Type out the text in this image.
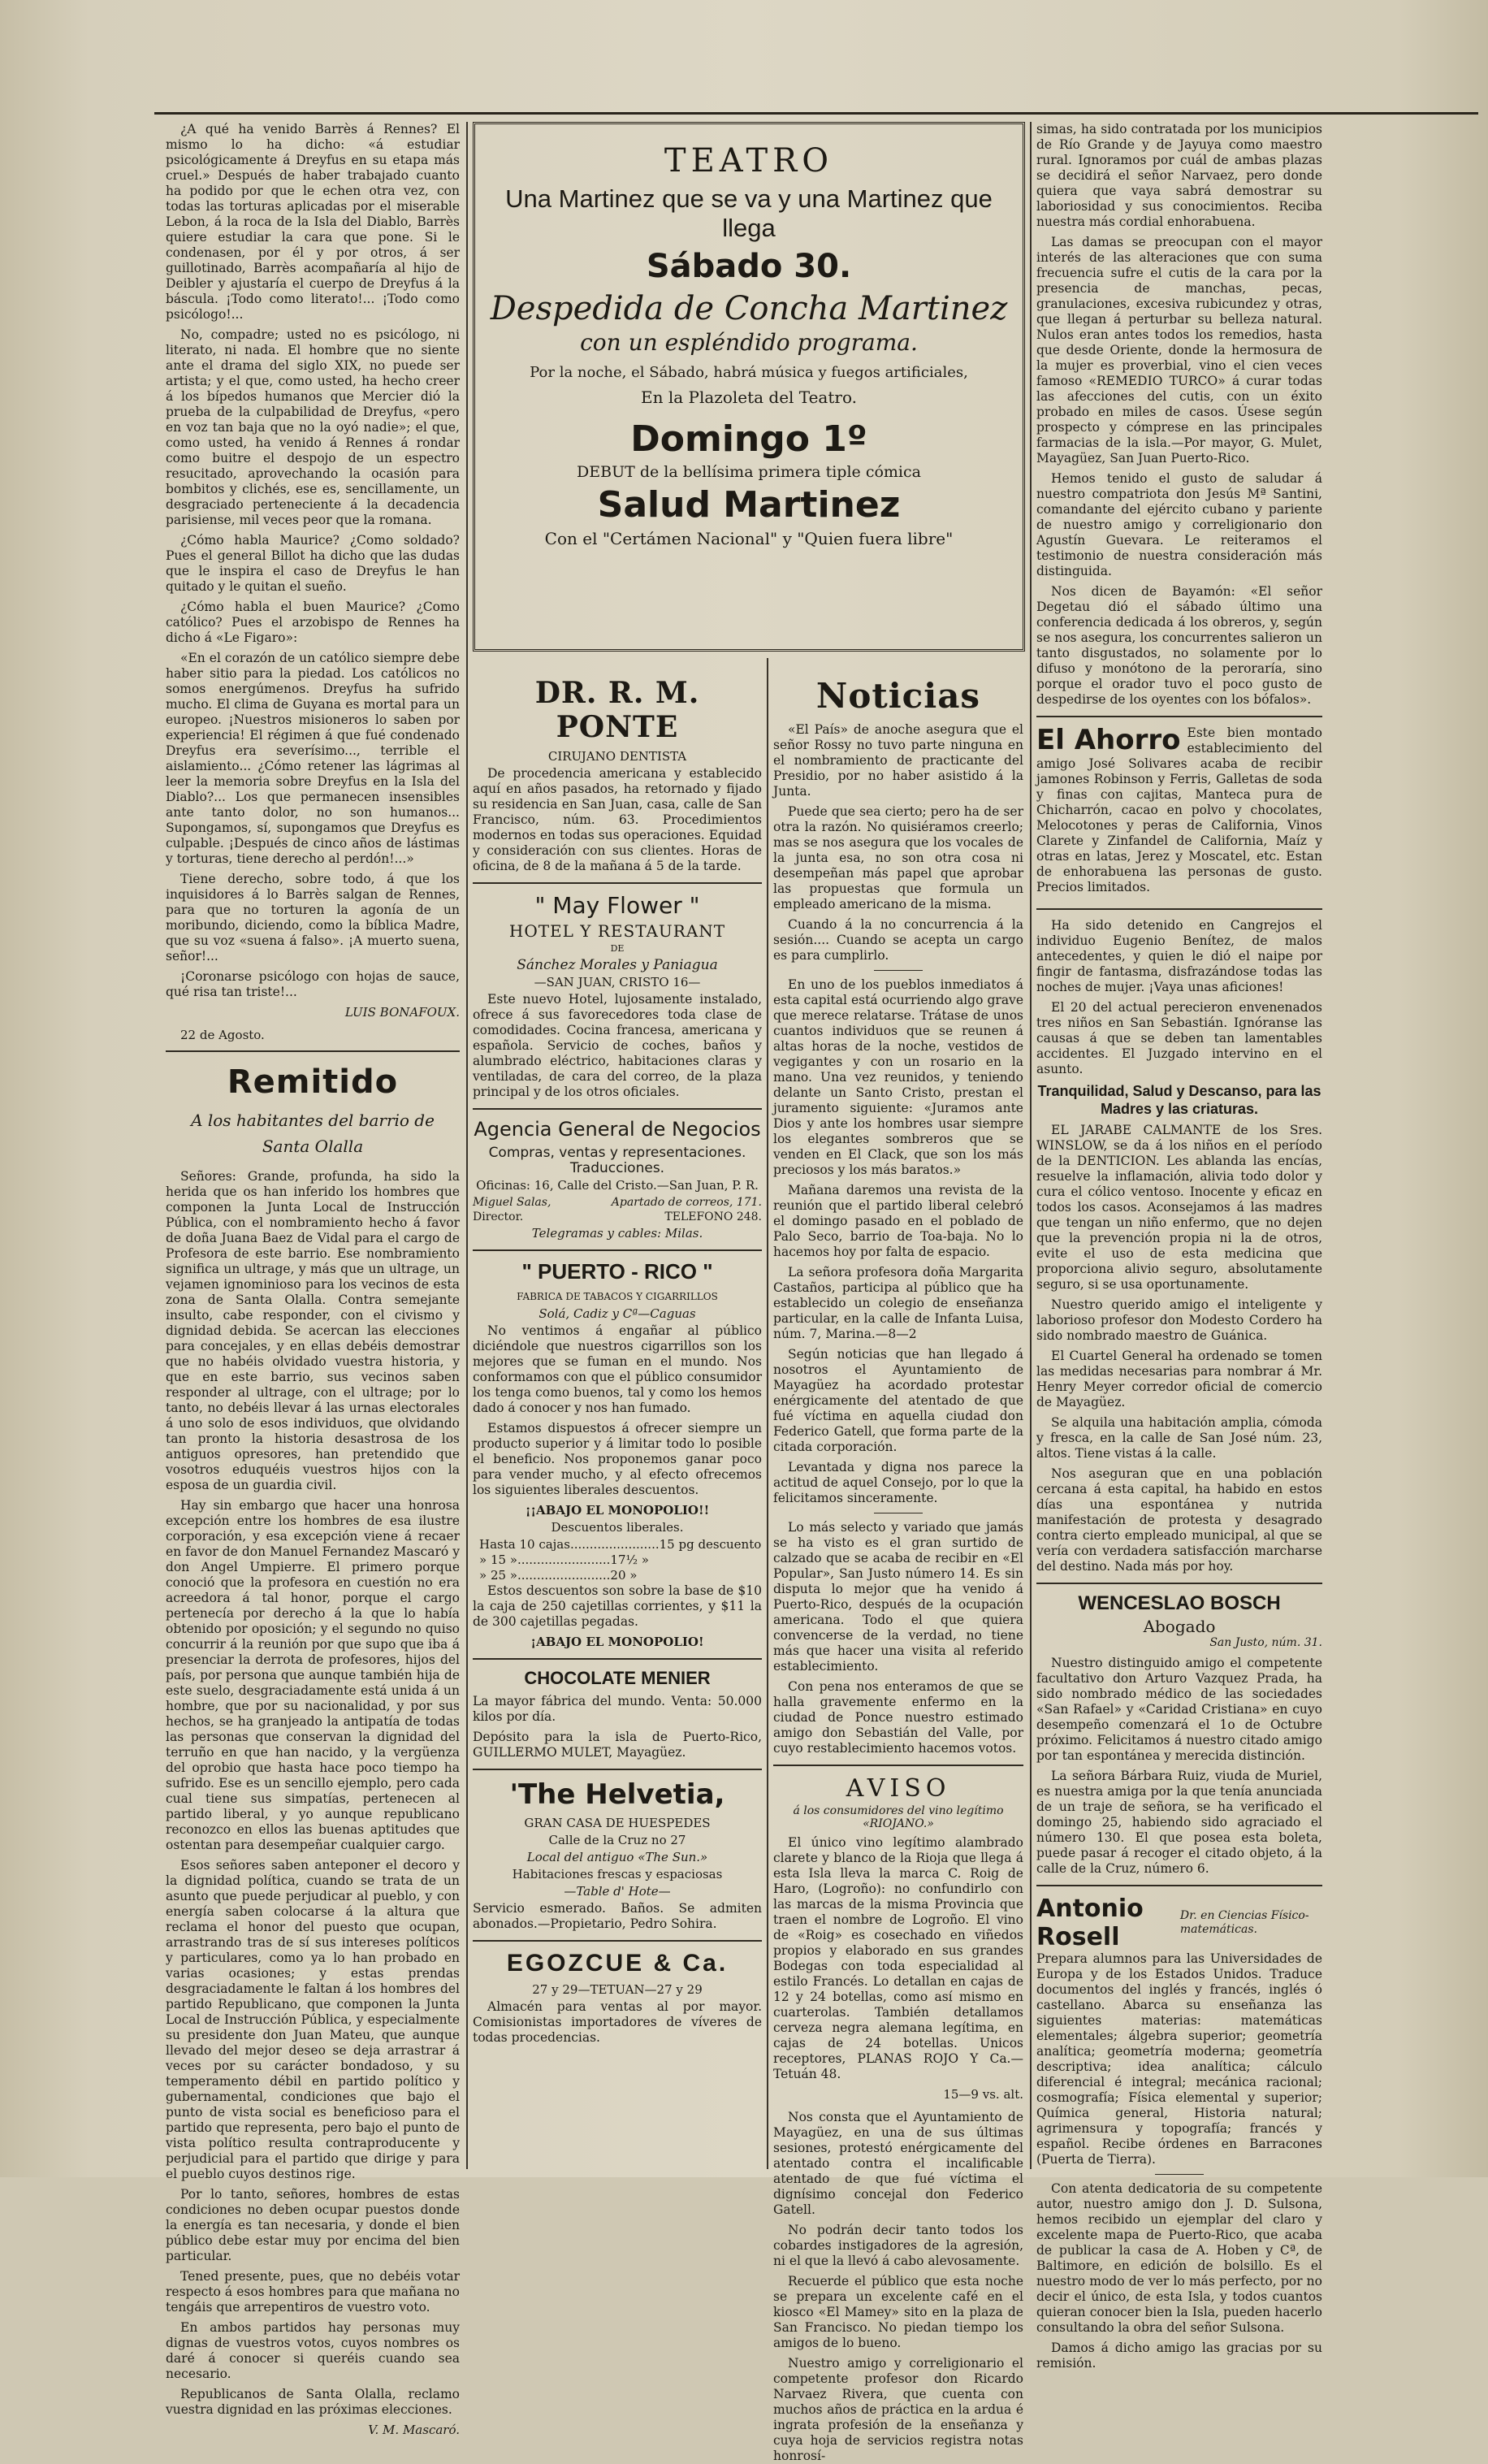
¿A qué ha venido Barrès á Rennes? El mismo lo ha dicho: «á estudiar psicológicamente á Dreyfus en su etapa más cruel.» Después de haber trabajado cuanto ha podido por que le echen otra vez, con todas las torturas aplicadas por el miserable Lebon, á la roca de la Isla del Diablo, Barrès quiere estudiar la cara que pone. Si le condenasen, por él y por otros, á ser guillotinado, Barrès acompañaría al hijo de Deibler y ajustaría el cuerpo de Dreyfus á la báscula. ¡Todo como literato!... ¡Todo como psicólogo!...

No, compadre; usted no es psicólogo, ni literato, ni nada. El hombre que no siente ante el drama del siglo XIX, no puede ser artista; y el que, como usted, ha hecho creer á los bípedos humanos que Mercier dió la prueba de la culpabilidad de Dreyfus, «pero en voz tan baja que no la oyó nadie»; el que, como usted, ha venido á Rennes á rondar como buitre el despojo de un espectro resucitado, aprovechando la ocasión para bombitos y clichés, ese es, sencillamente, un desgraciado perteneciente á la decadencia parisiense, mil veces peor que la romana.

¿Cómo habla Maurice? ¿Como soldado? Pues el general Billot ha dicho que las dudas que le inspira el caso de Dreyfus le han quitado y le quitan el sueño.

¿Cómo habla el buen Maurice? ¿Como católico? Pues el arzobispo de Rennes ha dicho á «Le Figaro»:

«En el corazón de un católico siempre debe haber sitio para la piedad. Los católicos no somos energúmenos. Dreyfus ha sufrido mucho. El clima de Guyana es mortal para un europeo. ¡Nuestros misioneros lo saben por experiencia! El régimen á que fué condenado Dreyfus era severísimo..., terrible el aislamiento... ¿Cómo retener las lágrimas al leer la memoria sobre Dreyfus en la Isla del Diablo?... Los que permanecen insensibles ante tanto dolor, no son humanos... Supongamos, sí, supongamos que Dreyfus es culpable. ¡Después de cinco años de lástimas y torturas, tiene derecho al perdón!...»

Tiene derecho, sobre todo, á que los inquisidores á lo Barrès salgan de Rennes, para que no torturen la agonía de un moribundo, diciendo, como la bíblica Madre, que su voz «suena á falso». ¡A muerto suena, señor!...

¡Coronarse psicólogo con hojas de sauce, qué risa tan triste!...

LUIS BONAFOUX.
22 de Agosto.
Remitido
A los habitantes del barrio de Santa Olalla

Señores: Grande, profunda, ha sido la herida que os han inferido los hombres que componen la Junta Local de Instrucción Pública, con el nombramiento hecho á favor de doña Juana Baez de Vidal para el cargo de Profesora de este barrio. Ese nombramiento significa un ultrage, y más que un ultrage, un vejamen ignominioso para los vecinos de esta zona de Santa Olalla. Contra semejante insulto, cabe responder, con el civismo y dignidad debida. Se acercan las elecciones para concejales, y en ellas debéis demostrar que no habéis olvidado vuestra historia, y que en este barrio, sus vecinos saben responder al ultrage, con el ultrage; por lo tanto, no debéis llevar á las urnas electorales á uno solo de esos individuos, que olvidando tan pronto la historia desastrosa de los antiguos opresores, han pretendido que vosotros eduquéis vuestros hijos con la esposa de un guardia civil.

Hay sin embargo que hacer una honrosa excepción entre los hombres de esa ilustre corporación, y esa excepción viene á recaer en favor de don Manuel Fernandez Mascaró y don Angel Umpierre. El primero porque conoció que la profesora en cuestión no era acreedora á tal honor, porque el cargo pertenecía por derecho á la que lo había obtenido por oposición; y el segundo no quiso concurrir á la reunión por que supo que iba á presenciar la derrota de profesores, hijos del país, por persona que aunque también hija de este suelo, desgraciadamente está unida á un hombre, que por su nacionalidad, y por sus hechos, se ha granjeado la antipatía de todas las personas que conservan la dignidad del terruño en que han nacido, y la vergüenza del oprobio que hasta hace poco tiempo ha sufrido. Ese es un sencillo ejemplo, pero cada cual tiene sus simpatías, pertenecen al partido liberal, y yo aunque republicano reconozco en ellos las buenas aptitudes que ostentan para desempeñar cualquier cargo.

Esos señores saben anteponer el decoro y la dignidad política, cuando se trata de un asunto que puede perjudicar al pueblo, y con energía saben colocarse á la altura que reclama el honor del puesto que ocupan, arrastrando tras de sí sus intereses políticos y particulares, como ya lo han probado en varias ocasiones; y estas prendas desgraciadamente le faltan á los hombres del partido Republicano, que componen la Junta Local de Instrucción Pública, y especialmente su presidente don Juan Mateu, que aunque llevado del mejor deseo se deja arrastrar á veces por su carácter bondadoso, y su temperamento débil en partido político y gubernamental, condiciones que bajo el punto de vista social es beneficioso para el partido que representa, pero bajo el punto de vista político resulta contraproducente y perjudicial para el partido que dirige y para el pueblo cuyos destinos rige.

Por lo tanto, señores, hombres de estas condiciones no deben ocupar puestos donde la energía es tan necesaria, y donde el bien público debe estar muy por encima del bien particular.

Tened presente, pues, que no debéis votar respecto á esos hombres para que mañana no tengáis que arrepentiros de vuestro voto.

En ambos partidos hay personas muy dignas de vuestros votos, cuyos nombres os daré á conocer si queréis cuando sea necesario.

Republicanos de Santa Olalla, reclamo vuestra dignidad en las próximas elecciones.

V. M. Mascaró.
TEATRO
Una Martinez que se va y una Martinez que llega
Sábado 30.
Despedida de Concha Martinez
con un espléndido programa.
Por la noche, el Sábado, habrá música y fuegos artificiales,
En la Plazoleta del Teatro.
Domingo 1º
DEBUT de la bellísima primera tiple cómica
Salud Martinez
Con el "Certámen Nacional" y "Quien fuera libre"
DR. R. M. PONTE
CIRUJANO DENTISTA

De procedencia americana y establecido aquí en años pasados, ha retornado y fijado su residencia en San Juan, casa, calle de San Francisco, núm. 63. Procedimientos modernos en todas sus operaciones. Equidad y consideración con sus clientes. Horas de oficina, de 8 de la mañana á 5 de la tarde.

" May Flower "
HOTEL Y RESTAURANT
DE
Sánchez Morales y Paniagua
—SAN JUAN, CRISTO 16—

Este nuevo Hotel, lujosamente instalado, ofrece á sus favorecedores toda clase de comodidades. Cocina francesa, americana y española. Servicio de coches, baños y alumbrado eléctrico, habitaciones claras y ventiladas, de cara del correo, de la plaza principal y de los otros oficiales.

Agencia General de Negocios
Compras, ventas y representaciones. Traducciones.
Oficinas: 16, Calle del Cristo.—San Juan, P. R.
Miguel Salas,	Apartado de correos, 171.
Director.	TELEFONO 248.
Telegramas y cables: Milas.
" PUERTO - RICO "
FABRICA DE TABACOS Y CIGARRILLOS
Solá, Cadiz y Cª—Caguas

No ventimos á engañar al público diciéndole que nuestros cigarrillos son los mejores que se fuman en el mundo. Nos conformamos con que el público consumidor los tenga como buenos, tal y como los hemos dado á conocer y nos han fumado.

Estamos dispuestos á ofrecer siempre un producto superior y á limitar todo lo posible el beneficio. Nos proponemos ganar poco para vender mucho, y al efecto ofrecemos los siguientes liberales descuentos.

¡¡ABAJO EL MONOPOLIO!!
Descuentos liberales.
Hasta 10 cajas.......................15 pg descuento
» 15 »........................17½ »
» 25 »........................20 »

Estos descuentos son sobre la base de $10 la caja de 250 cajetillas corrientes, y $11 la de 300 cajetillas pegadas.

¡ABAJO EL MONOPOLIO!
CHOCOLATE MENIER

La mayor fábrica del mundo. Venta: 50.000 kilos por día.

Depósito para la isla de Puerto-Rico, GUILLERMO MULET, Mayagüez.

'The Helvetia,
GRAN CASA DE HUESPEDES
Calle de la Cruz no 27
Local del antiguo «The Sun.»
Habitaciones frescas y espaciosas
—Table d' Hote—

Servicio esmerado. Baños. Se admiten abonados.—Propietario, Pedro Sohira.

EGOZCUE & Ca.
27 y 29—TETUAN—27 y 29

Almacén para ventas al por mayor. Comisionistas importadores de víveres de todas procedencias.

Noticias

«El País» de anoche asegura que el señor Rossy no tuvo parte ninguna en el nombramiento de practicante del Presidio, por no haber asistido á la Junta.

Puede que sea cierto; pero ha de ser otra la razón. No quisiéramos creerlo; mas se nos asegura que los vocales de la junta esa, no son otra cosa ni desempeñan más papel que aprobar las propuestas que formula un empleado americano de la misma.

Cuando á la no concurrencia á la sesión.... Cuando se acepta un cargo es para cumplirlo.

En uno de los pueblos inmediatos á esta capital está ocurriendo algo grave que merece relatarse. Trátase de unos cuantos individuos que se reunen á altas horas de la noche, vestidos de vegigantes y con un rosario en la mano. Una vez reunidos, y teniendo delante un Santo Cristo, prestan el juramento siguiente: «Juramos ante Dios y ante los hombres usar siempre los elegantes sombreros que se venden en El Clack, que son los más preciosos y los más baratos.»

Mañana daremos una revista de la reunión que el partido liberal celebró el domingo pasado en el poblado de Palo Seco, barrio de Toa-baja. No lo hacemos hoy por falta de espacio.

La señora profesora doña Margarita Castaños, participa al público que ha establecido un colegio de enseñanza particular, en la calle de Infanta Luisa, núm. 7, Marina.—8—2

Según noticias que han llegado á nosotros el Ayuntamiento de Mayagüez ha acordado protestar enérgicamente del atentado de que fué víctima en aquella ciudad don Federico Gatell, que forma parte de la citada corporación.

Levantada y digna nos parece la actitud de aquel Consejo, por lo que la felicitamos sinceramente.

Lo más selecto y variado que jamás se ha visto es el gran surtido de calzado que se acaba de recibir en «El Popular», San Justo número 14. Es sin disputa lo mejor que ha venido á Puerto-Rico, después de la ocupación americana. Todo el que quiera convencerse de la verdad, no tiene más que hacer una visita al referido establecimiento.

Con pena nos enteramos de que se halla gravemente enfermo en la ciudad de Ponce nuestro estimado amigo don Sebastián del Valle, por cuyo restablecimiento hacemos votos.

AVISO
á los consumidores del vino legítimo «RIOJANO.»

El único vino legítimo alambrado clarete y blanco de la Rioja que llega á esta Isla lleva la marca C. Roig de Haro, (Logroño): no confundirlo con las marcas de la misma Provincia que traen el nombre de Logroño. El vino de «Roig» es cosechado en viñedos propios y elaborado en sus grandes Bodegas con toda especialidad al estilo Francés. Lo detallan en cajas de 12 y 24 botellas, como así mismo en cuarterolas. También detallamos cerveza negra alemana legítima, en cajas de 24 botellas. Unicos receptores, PLANAS ROJO Y Ca.—Tetuán 48.

15—9 vs. alt.

Nos consta que el Ayuntamiento de Mayagüez, en una de sus últimas sesiones, protestó enérgicamente del atentado contra el incalificable atentado de que fué víctima el dignísimo concejal don Federico Gatell.

No podrán decir tanto todos los cobardes instigadores de la agresión, ni el que la llevó á cabo alevosamente.

Recuerde el público que esta noche se prepara un excelente café en el kiosco «El Mamey» sito en la plaza de San Francisco. No piedan tiempo los amigos de lo bueno.

Nuestro amigo y correligionario el competente profesor don Ricardo Narvaez Rivera, que cuenta con muchos años de práctica en la ardua é ingrata profesión de la enseñanza y cuya hoja de servicios registra notas honrosí-

simas, ha sido contratada por los municipios de Río Grande y de Jayuya como maestro rural. Ignoramos por cuál de ambas plazas se decidirá el señor Narvaez, pero donde quiera que vaya sabrá demostrar su laboriosidad y sus conocimientos. Reciba nuestra más cordial enhorabuena.

Las damas se preocupan con el mayor interés de las alteraciones que con suma frecuencia sufre el cutis de la cara por la presencia de manchas, pecas, granulaciones, excesiva rubicundez y otras, que llegan á perturbar su belleza natural. Nulos eran antes todos los remedios, hasta que desde Oriente, donde la hermosura de la mujer es proverbial, vino el cien veces famoso «REMEDIO TURCO» á curar todas las afecciones del cutis, con un éxito probado en miles de casos. Úsese según prospecto y cómprese en las principales farmacias de la isla.—Por mayor, G. Mulet, Mayagüez, San Juan Puerto-Rico.

Hemos tenido el gusto de saludar á nuestro compatriota don Jesús Mª Santini, comandante del ejército cubano y pariente de nuestro amigo y correligionario don Agustín Guevara. Le reiteramos el testimonio de nuestra consideración más distinguida.

Nos dicen de Bayamón: «El señor Degetau dió el sábado último una conferencia dedicada á los obreros, y, según se nos asegura, los concurrentes salieron un tanto disgustados, no solamente por lo difuso y monótono de la peroraría, sino porque el orador tuvo el poco gusto de despedirse de los oyentes con los bófalos».

El Ahorro Este bien montado establecimiento del amigo José Solivares acaba de recibir jamones Robinson y Ferris, Galletas de soda y finas con cajitas, Manteca pura de Chicharrón, cacao en polvo y chocolates, Melocotones y peras de California, Vinos Clarete y Zinfandel de California, Maíz y otras en latas, Jerez y Moscatel, etc. Estan de enhorabuena las personas de gusto. Precios limitados.

Ha sido detenido en Cangrejos el individuo Eugenio Benítez, de malos antecedentes, y quien le dió el naipe por fingir de fantasma, disfrazándose todas las noches de mujer. ¡Vaya unas aficiones!

El 20 del actual perecieron envenenados tres niños en San Sebastián. Ignóranse las causas á que se deben tan lamentables accidentes. El Juzgado intervino en el asunto.

Tranquilidad, Salud y Descanso, para las Madres y las criaturas.

EL JARABE CALMANTE de los Sres. WINSLOW, se da á los niños en el período de la DENTICION. Les ablanda las encías, resuelve la inflamación, alivia todo dolor y cura el cólico ventoso. Inocente y eficaz en todos los casos. Aconsejamos á las madres que tengan un niño enfermo, que no dejen que la prevención propia ni la de otros, evite el uso de esta medicina que proporciona alivio seguro, absolutamente seguro, si se usa oportunamente.

Nuestro querido amigo el inteligente y laborioso profesor don Modesto Cordero ha sido nombrado maestro de Guánica.

El Cuartel General ha ordenado se tomen las medidas necesarias para nombrar á Mr. Henry Meyer corredor oficial de comercio de Mayagüez.

Se alquila una habitación amplia, cómoda y fresca, en la calle de San José núm. 23, altos. Tiene vistas á la calle.

Nos aseguran que en una población cercana á esta capital, ha habido en estos días una espontánea y nutrida manifestación de protesta y desagrado contra cierto empleado municipal, al que se vería con verdadera satisfacción marcharse del destino. Nada más por hoy.

WENCESLAO BOSCH
Abogado
San Justo, núm. 31.

Nuestro distinguido amigo el competente facultativo don Arturo Vazquez Prada, ha sido nombrado médico de las sociedades «San Rafael» y «Caridad Cristiana» en cuyo desempeño comenzará el 1o de Octubre próximo. Felicitamos á nuestro citado amigo por tan espontánea y merecida distinción.

La señora Bárbara Ruiz, viuda de Muriel, es nuestra amiga por la que tenía anunciada de un traje de señora, se ha verificado el domingo 25, habiendo sido agraciado el número 130. El que posea esta boleta, puede pasar á recoger el citado objeto, á la calle de la Cruz, número 6.

Antonio Rosell
Dr. en Ciencias Físico-matemáticas.

Prepara alumnos para las Universidades de Europa y de los Estados Unidos. Traduce documentos del inglés y francés, inglés ó castellano. Abarca su enseñanza las siguientes materias: matemáticas elementales; álgebra superior; geometría analítica; geometría moderna; geometría descriptiva; idea analítica; cálculo diferencial é integral; mecánica racional; cosmografía; Física elemental y superior; Química general, Historia natural; agrimensura y topografía; francés y español. Recibe órdenes en Barracones (Puerta de Tierra).

Con atenta dedicatoria de su competente autor, nuestro amigo don J. D. Sulsona, hemos recibido un ejemplar del claro y excelente mapa de Puerto-Rico, que acaba de publicar la casa de A. Hoben y Cª, de Baltimore, en edición de bolsillo. Es el nuestro modo de ver lo más perfecto, por no decir el único, de esta Isla, y todos cuantos quieran conocer bien la Isla, pueden hacerlo consultando la obra del señor Sulsona.

Damos á dicho amigo las gracias por su remisión.
